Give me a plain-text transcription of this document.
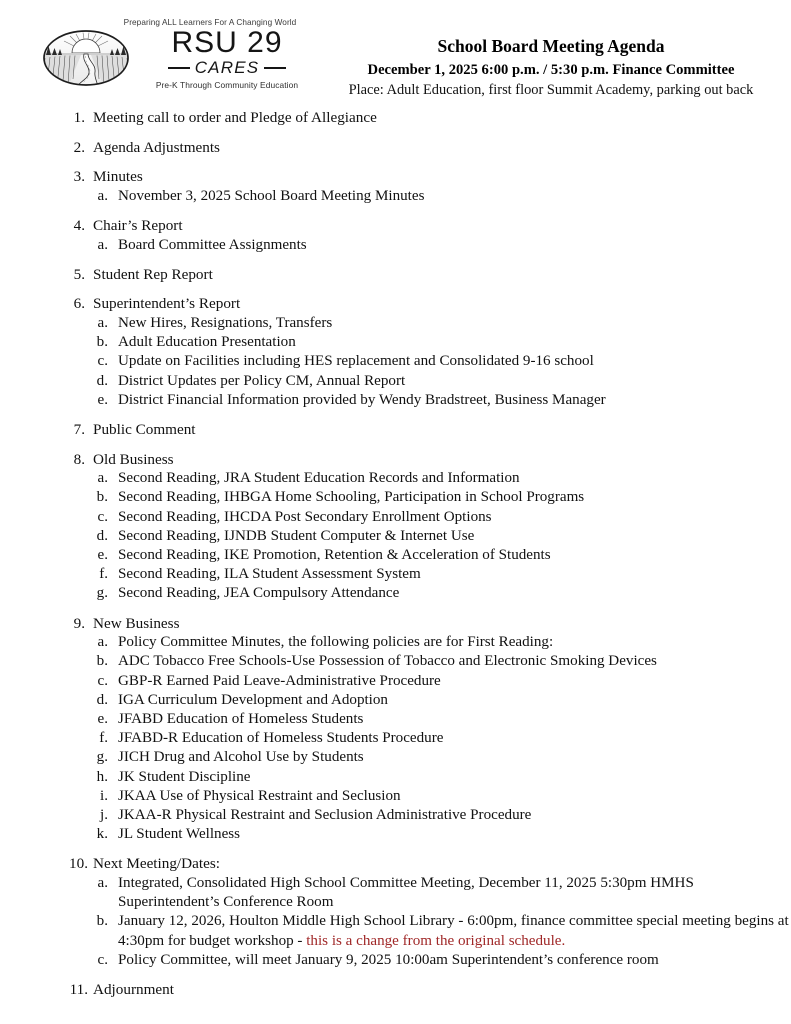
Preparing ALL Learners For A Changing World
RSU 29
CARES
Pre-K Through Community Education
School Board Meeting Agenda
December 1, 2025 6:00 p.m. / 5:30 p.m. Finance Committee
Place: Adult Education, first floor Summit Academy, parking out back
1. Meeting call to order and Pledge of Allegiance
2. Agenda Adjustments
3. Minutes
a. November 3, 2025 School Board Meeting Minutes
4. Chair’s Report
a. Board Committee Assignments
5. Student Rep Report
6. Superintendent’s Report
a. New Hires, Resignations, Transfers
b. Adult Education Presentation
c. Update on Facilities including HES replacement and Consolidated 9-16 school
d. District Updates per Policy CM, Annual Report
e. District Financial Information provided by Wendy Bradstreet, Business Manager
7. Public Comment
8. Old Business
a. Second Reading, JRA Student Education Records and Information
b. Second Reading, IHBGA Home Schooling, Participation in School Programs
c. Second Reading, IHCDA Post Secondary Enrollment Options
d. Second Reading, IJNDB Student Computer & Internet Use
e. Second Reading, IKE Promotion, Retention & Acceleration of Students
f. Second Reading, ILA Student Assessment System
g. Second Reading, JEA Compulsory Attendance
9. New Business
a. Policy Committee Minutes, the following policies are for First Reading:
b. ADC Tobacco Free Schools-Use Possession of Tobacco and Electronic Smoking Devices
c. GBP-R Earned Paid Leave-Administrative Procedure
d. IGA Curriculum Development and Adoption
e. JFABD Education of Homeless Students
f. JFABD-R Education of Homeless Students Procedure
g. JICH Drug and Alcohol Use by Students
h. JK Student Discipline
i. JKAA Use of Physical Restraint and Seclusion
j. JKAA-R Physical Restraint and Seclusion Administrative Procedure
k. JL Student Wellness
10. Next Meeting/Dates:
a. Integrated, Consolidated High School Committee Meeting, December 11, 2025 5:30pm HMHS Superintendent’s Conference Room
b. January 12, 2026, Houlton Middle High School Library - 6:00pm, finance committee special meeting begins at 4:30pm for budget workshop - this is a change from the original schedule.
c. Policy Committee, will meet January 9, 2025 10:00am Superintendent’s conference room
11. Adjournment
